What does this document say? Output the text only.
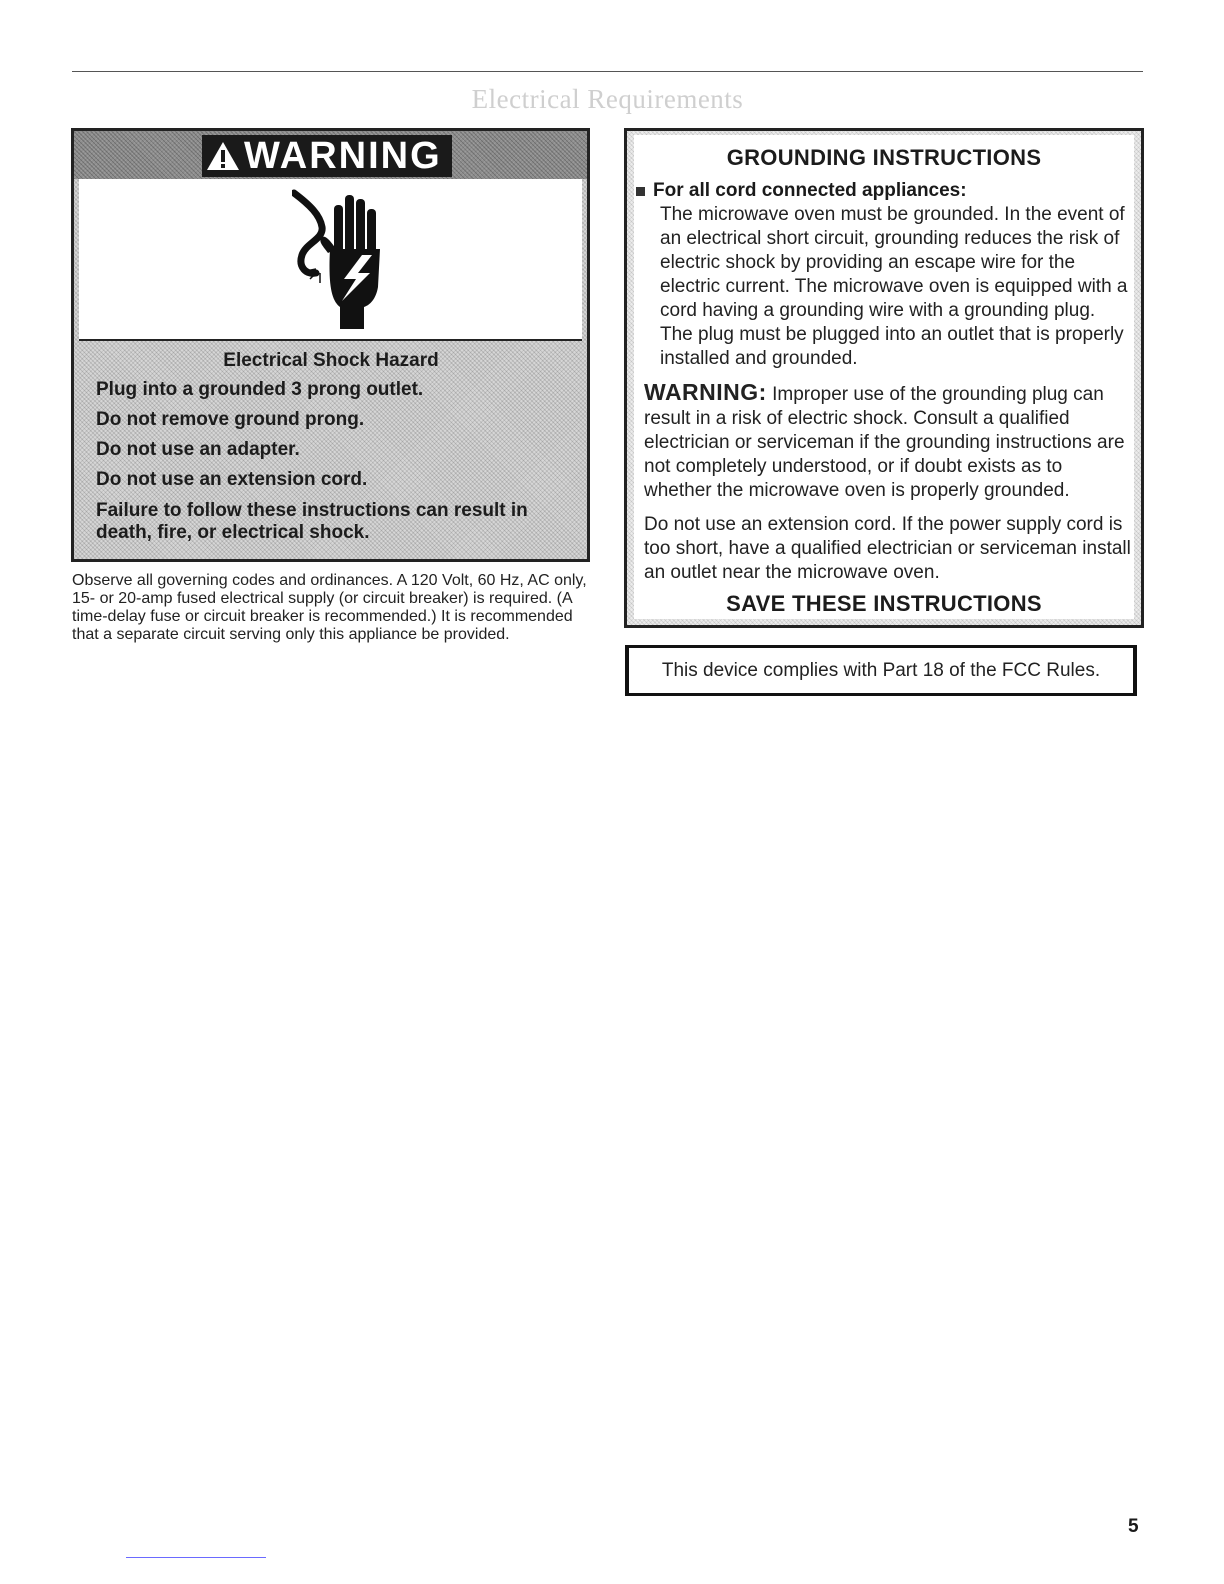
Electrical Requirements
WARNING
Electrical Shock Hazard
Plug into a grounded 3 prong outlet.
Do not remove ground prong.
Do not use an adapter.
Do not use an extension cord.
Failure to follow these instructions can result in death, fire, or electrical shock.
Observe all governing codes and ordinances. A 120 Volt, 60 Hz, AC only, 15- or 20-amp fused electrical supply (or circuit breaker) is required. (A time-delay fuse or circuit breaker is recommended.) It is recommended that a separate circuit serving only this appliance be provided.
GROUNDING INSTRUCTIONS
For all cord connected appliances:
The microwave oven must be grounded. In the event of an electrical short circuit, grounding reduces the risk of electric shock by providing an escape wire for the electric current. The microwave oven is equipped with a cord having a grounding wire with a grounding plug. The plug must be plugged into an outlet that is properly installed and grounded.
WARNING: Improper use of the grounding plug can result in a risk of electric shock. Consult a qualified electrician or serviceman if the grounding instructions are not completely understood, or if doubt exists as to whether the microwave oven is properly grounded.
Do not use an extension cord. If the power supply cord is too short, have a qualified electrician or serviceman install an outlet near the microwave oven.
SAVE THESE INSTRUCTIONS
This device complies with Part 18 of the FCC Rules.
5
